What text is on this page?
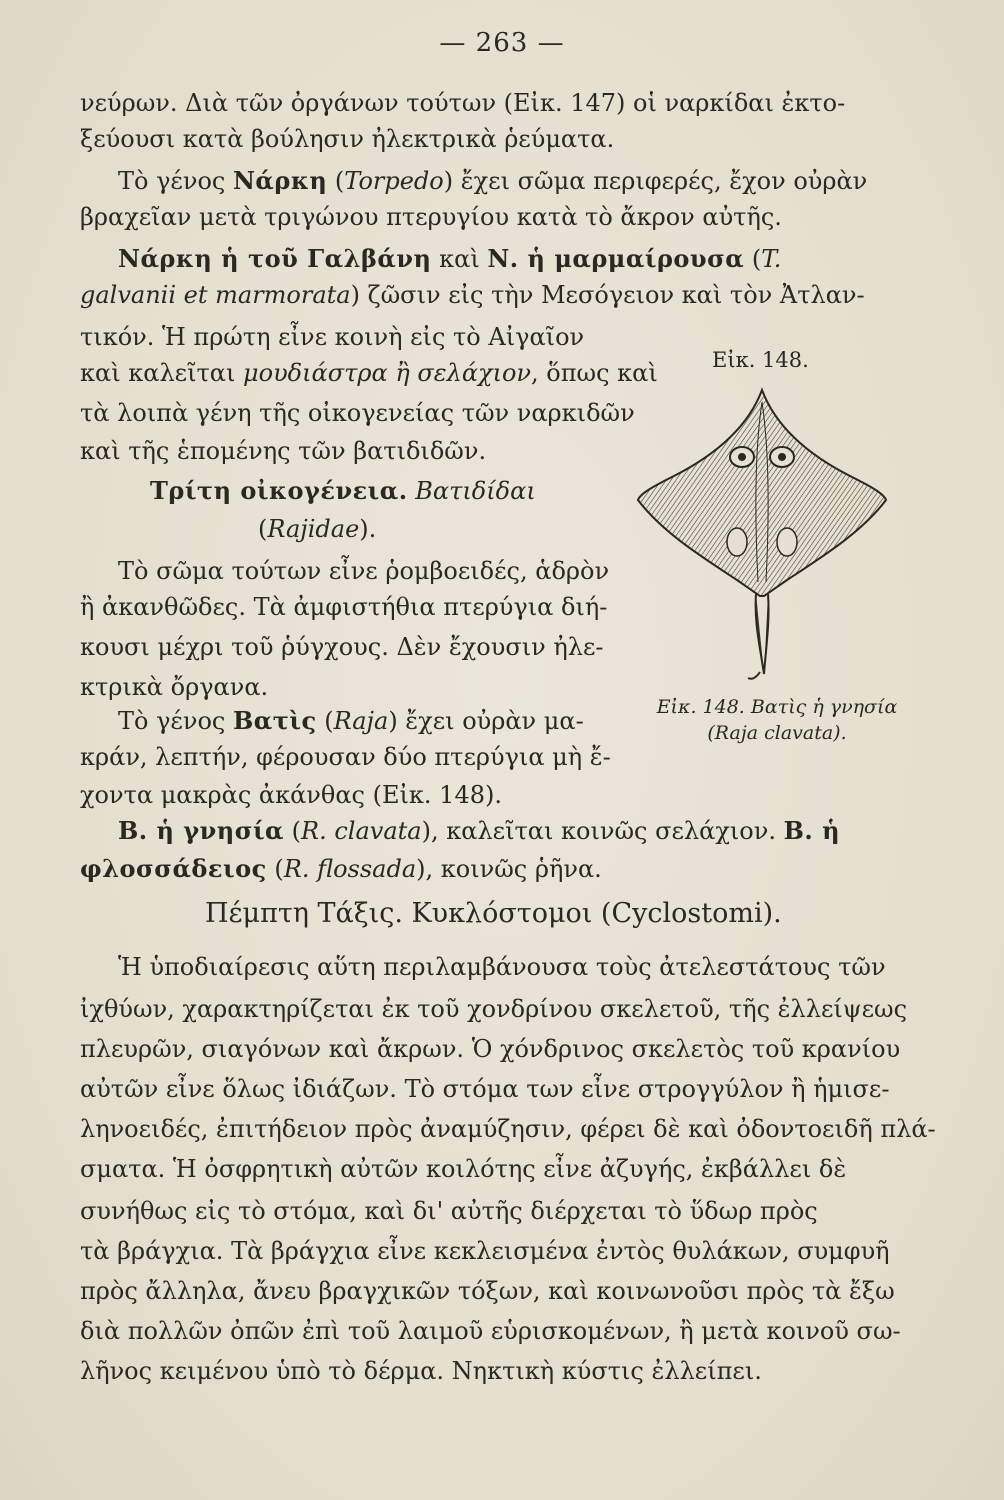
— 263 —
νεύρων. Διὰ τῶν ὀργάνων τούτων (Εἰκ. 147) οἱ ναρκίδαι ἐκτο-
ξεύουσι κατὰ βούλησιν ἠλεκτρικὰ ῥεύματα.
Τὸ γένος Νάρκη (Torpedo) ἔχει σῶμα περιφερές, ἔχον οὐρὰν
βραχεῖαν μετὰ τριγώνου πτερυγίου κατὰ τὸ ἄκρον αὐτῆς.
Νάρκη ἡ τοῦ Γαλβάνη καὶ Ν. ἡ μαρμαίρουσα (T.
galvanii et marmorata) ζῶσιν εἰς τὴν Μεσόγειον καὶ τὸν Ἀτλαν-
τικόν. Ἡ πρώτη εἶνε κοινὴ εἰς τὸ Αἰγαῖον
καὶ καλεῖται μουδιάστρα ἢ σελάχιον, ὅπως καὶ
τὰ λοιπὰ γένη τῆς οἰκογενείας τῶν ναρκιδῶν
καὶ τῆς ἑπομένης τῶν βατιδιδῶν.
Τρίτη οἰκογένεια. Βατιδίδαι
(Rajidae).
Τὸ σῶμα τούτων εἶνε ῥομβοειδές, ἁδρὸν
ἢ ἀκανθῶδες. Τὰ ἀμφιστήθια πτερύγια διή-
κουσι μέχρι τοῦ ῥύγχους. Δὲν ἔχουσιν ἠλε-
κτρικὰ ὄργανα.
Τὸ γένος Βατὶς (Raja) ἔχει οὐρὰν μα-
κράν, λεπτήν, φέρουσαν δύο πτερύγια μὴ ἔ-
χοντα μακρὰς ἀκάνθας (Εἰκ. 148).
Β. ἡ γνησία (R. clavata), καλεῖται κοινῶς σελάχιον. Β. ἡ
φλοσσάδειος (R. flossada), κοινῶς ῥῆνα.
Εἰκ. 148.
Εἰκ. 148. Βατὶς ἡ γνησία
(Raja clavata).
Πέμπτη Τάξις. Κυκλόστομοι (Cyclostomi).
Ἡ ὑποδιαίρεσις αὕτη περιλαμβάνουσα τοὺς ἀτελεστάτους τῶν
ἰχθύων, χαρακτηρίζεται ἐκ τοῦ χονδρίνου σκελετοῦ, τῆς ἐλλείψεως
πλευρῶν, σιαγόνων καὶ ἄκρων. Ὁ χόνδρινος σκελετὸς τοῦ κρανίου
αὐτῶν εἶνε ὅλως ἰδιάζων. Τὸ στόμα των εἶνε στρογγύλον ἢ ἡμισε-
ληνοειδές, ἐπιτήδειον πρὸς ἀναμύζησιν, φέρει δὲ καὶ ὀδοντοειδῆ πλά-
σματα. Ἡ ὀσφρητικὴ αὐτῶν κοιλότης εἶνε ἀζυγής, ἐκβάλλει δὲ
συνήθως εἰς τὸ στόμα, καὶ δι' αὐτῆς διέρχεται τὸ ὕδωρ πρὸς
τὰ βράγχια. Τὰ βράγχια εἶνε κεκλεισμένα ἐντὸς θυλάκων, συμφυῆ
πρὸς ἄλληλα, ἄνευ βραγχικῶν τόξων, καὶ κοινωνοῦσι πρὸς τὰ ἔξω
διὰ πολλῶν ὀπῶν ἐπὶ τοῦ λαιμοῦ εὑρισκομένων, ἢ μετὰ κοινοῦ σω-
λῆνος κειμένου ὑπὸ τὸ δέρμα. Νηκτικὴ κύστις ἐλλείπει.
